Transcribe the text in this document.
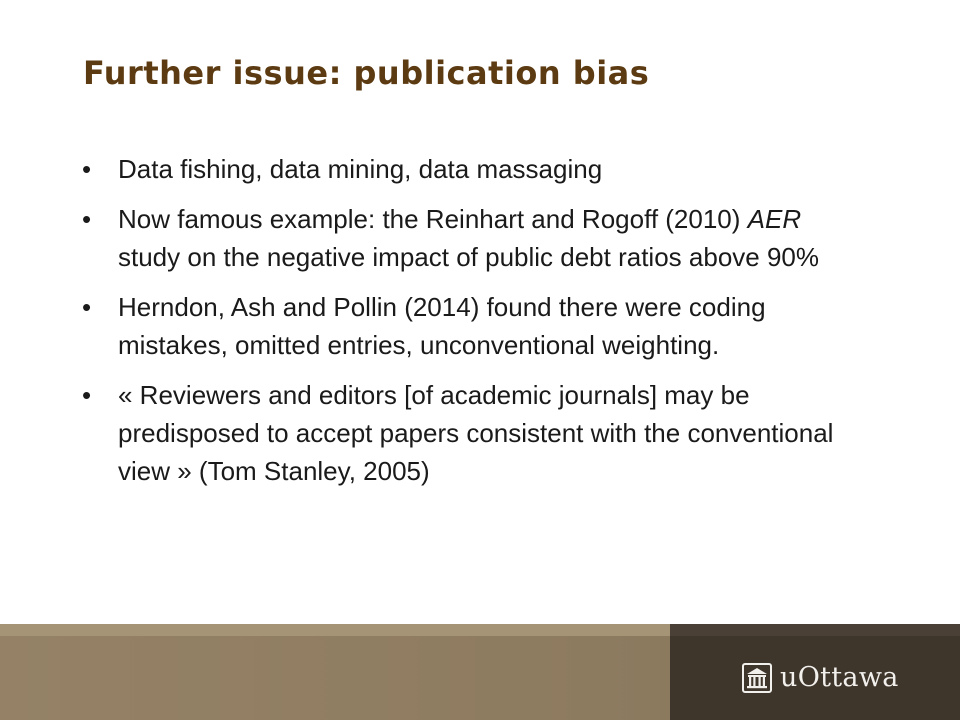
Further issue: publication bias
•	Data fishing, data mining, data massaging
•	Now famous example: the Reinhart and Rogoff (2010) AER study on the negative impact of public debt ratios above 90%
•	Herndon, Ash and Pollin (2014) found there were coding mistakes, omitted entries, unconventional weighting.
•	« Reviewers and editors [of academic journals] may be predisposed to accept papers consistent with the conventional view » (Tom Stanley, 2005)
uOttawa
